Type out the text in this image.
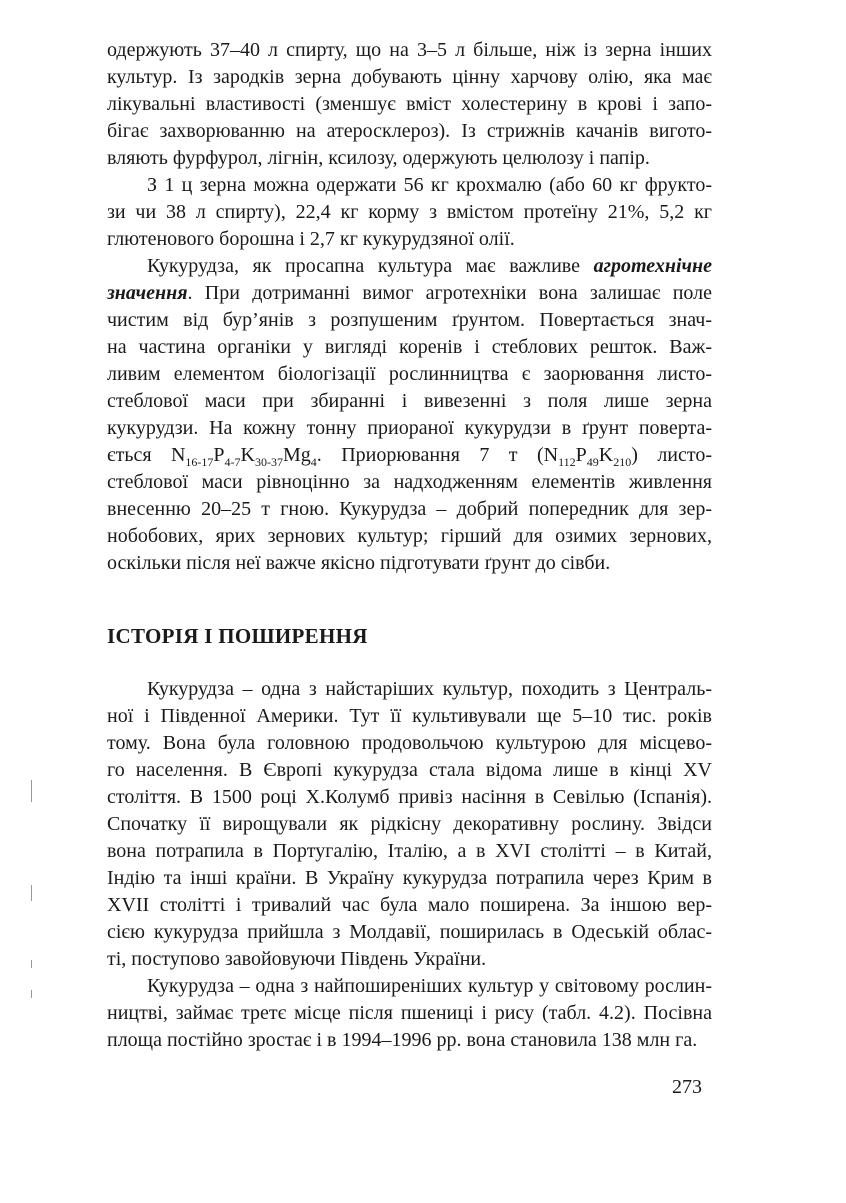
одержують 37–40 л спирту, що на 3–5 л більше, ніж із зерна інших
культур. Із зародків зерна добувають цінну харчову олію, яка має
лікувальні властивості (зменшує вміст холестерину в крові і запо-
бігає захворюванню на атеросклероз). Із стрижнів качанів вигото-
вляють фурфурол, лігнін, ксилозу, одержують целюлозу і папір.
З 1 ц зерна можна одержати 56 кг крохмалю (або 60 кг фрукто-
зи чи 38 л спирту), 22,4 кг корму з вмістом протеїну 21%, 5,2 кг
глютенового борошна і 2,7 кг кукурудзяної олії.
Кукурудза, як просапна культура має важливе агротехнічне
значення. При дотриманні вимог агротехніки вона залишає поле
чистим від бур’янів з розпушеним ґрунтом. Повертається знач-
на частина органіки у вигляді коренів і стеблових решток. Важ-
ливим елементом біологізації рослинництва є заорювання листо-
стеблової маси при збиранні і вивезенні з поля лише зерна
кукурудзи. На кожну тонну приораної кукурудзи в ґрунт поверта-
ється $N_{16-17}P_{4-7}K_{30-37}Mg_4$. Приорювання 7 т $(N_{112}P_{49}K_{210})$ листо-
стеблової маси рівноцінно за надходженням елементів живлення
внесенню 20–25 т гною. Кукурудза – добрий попередник для зер-
нобобових, ярих зернових культур; гірший для озимих зернових,
оскільки після неї важче якісно підготувати ґрунт до сівби.
ІСТОРІЯ І ПОШИРЕННЯ
Кукурудза – одна з найстаріших культур, походить з Централь-
ної і Південної Америки. Тут її культивували ще 5–10 тис. років
тому. Вона була головною продовольчою культурою для місцево-
го населення. В Європі кукурудза стала відома лише в кінці XV
століття. В 1500 році Х.Колумб привіз насіння в Севілью (Іспанія).
Спочатку її вирощували як рідкісну декоративну рослину. Звідси
вона потрапила в Португалію, Італію, а в XVI столітті – в Китай,
Індію та інші країни. В Україну кукурудза потрапила через Крим в
XVII столітті і тривалий час була мало поширена. За іншою вер-
сією кукурудза прийшла з Молдавії, поширилась в Одеській облас-
ті, поступово завойовуючи Південь України.
Кукурудза – одна з найпоширеніших культур у світовому рослин-
ництві, займає третє місце після пшениці і рису (табл. 4.2). Посівна
площа постійно зростає і в 1994–1996 рр. вона становила 138 млн га.
273
